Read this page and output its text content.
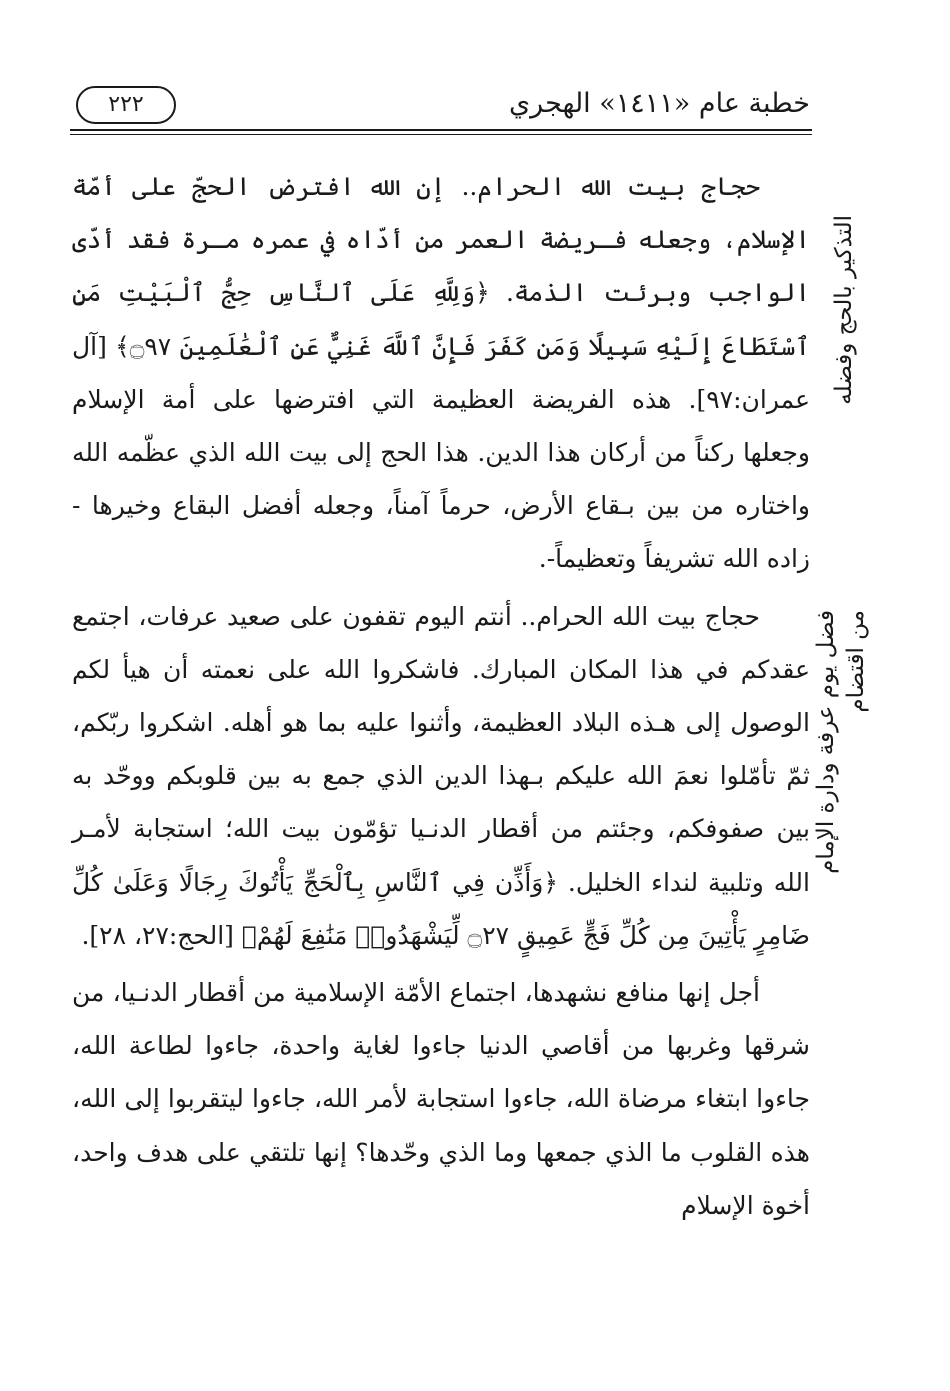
خطبة عام «١٤١١» الهجري
٢٢٢
التذكير بالحج وفضله
من اقتضام
فضل يوم عرفة ودارة الإمام

حجاج بيت الله الحرام.. إن الله افترض الحجّ على أمّة الإسلام، وجعله فـريضة العمر من أدّاه في عمره مـرة فقد أدّى الواجب وبرئت الذمة. ﴿وَلِلَّهِ عَلَى ٱلنَّاسِ حِجُّ ٱلْبَيْتِ مَنِ ٱسْتَطَاعَ إِلَيْهِ سَبِيلًا وَمَن كَفَرَ فَإِنَّ ٱللَّهَ غَنِيٌّ عَنِ ٱلْعَٰلَمِينَ ۝٩٧﴾ [آل عمران:٩٧]. هذه الفريضة العظيمة التي افترضها على أمة الإسلام وجعلها ركناً من أركان هذا الدين. هذا الحج إلى بيت الله الذي عظّمه الله واختاره من بين بـقاع الأرض، حرماً آمناً، وجعله أفضل البقاع وخيرها - زاده الله تشريفاً وتعظيماً-.

حجاج بيت الله الحرام.. أنتم اليوم تقفون على صعيد عرفات، اجتمع عقدكم في هذا المكان المبارك. فاشكروا الله على نعمته أن هيأ لكم الوصول إلى هـذه البلاد العظيمة، وأثنوا عليه بما هو أهله. اشكروا ربّكم، ثمّ تأمّلوا نعمَ الله عليكم بـهذا الدين الذي جمع به بين قلوبكم ووحّد به بين صفوفكم، وجئتم من أقطار الدنـيا تؤمّون بيت الله؛ استجابة لأمـر الله وتلبية لنداء الخليل. ﴿وَأَذِّن فِي ٱلنَّاسِ بِٱلْحَجِّ يَأْتُوكَ رِجَالًا وَعَلَىٰ كُلِّ ضَامِرٍ يَأْتِينَ مِن كُلِّ فَجٍّ عَمِيقٍ ۝٢٧ لِّيَشْهَدُوا۟ مَنَٰفِعَ لَهُمْ﴾ [الحج:٢٧، ٢٨].

أجل إنها منافع نشهدها، اجتماع الأمّة الإسلامية من أقطار الدنـيا، من شرقها وغربها من أقاصي الدنيا جاءوا لغاية واحدة، جاءوا لطاعة الله، جاءوا ابتغاء مرضاة الله، جاءوا استجابة لأمر الله، جاءوا ليتقربوا إلى الله، هذه القلوب ما الذي جمعها وما الذي وحّدها؟ إنها تلتقي على هدف واحد، أخوة الإسلام
